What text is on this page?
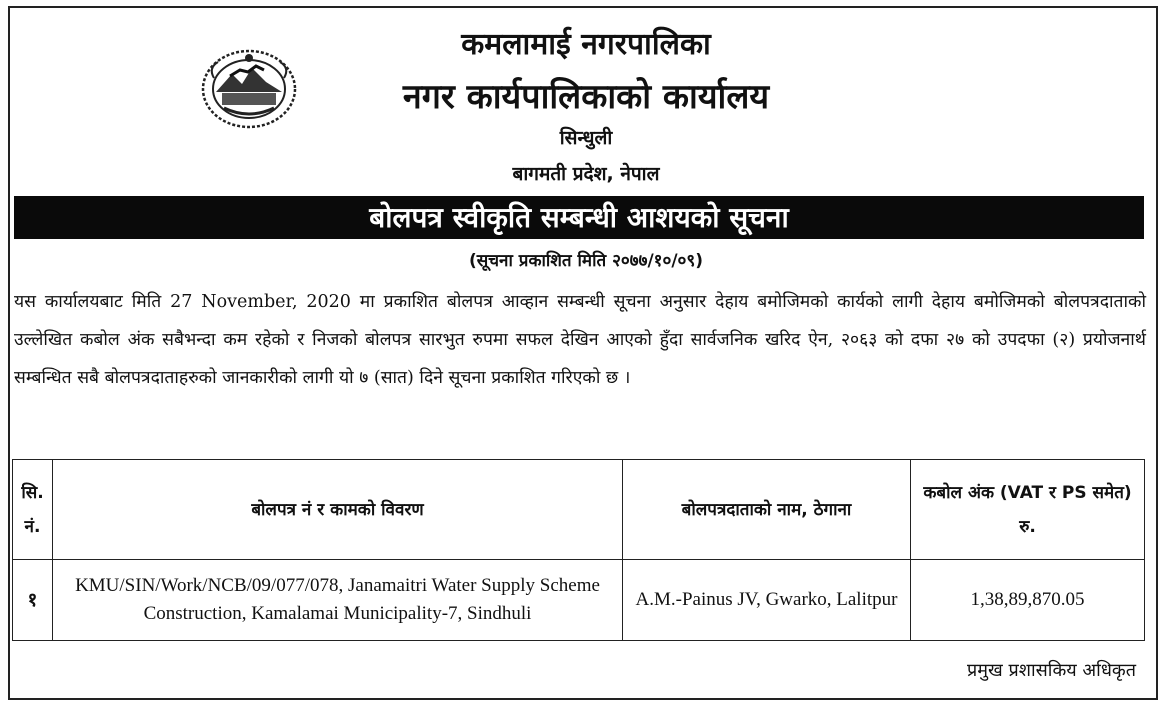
कमलामाई नगरपालिका
नगर कार्यपालिकाको कार्यालय
सिन्धुली
बागमती प्रदेश, नेपाल
बोलपत्र स्वीकृति सम्बन्धी आशयको सूचना
(सूचना प्रकाशित मिति २०७७/१०/०९)
यस कार्यालयबाट मिति 27 November, 2020 मा प्रकाशित बोलपत्र आव्हान सम्बन्धी सूचना अनुसार देहाय बमोजिमको कार्यको लागी देहाय बमोजिमको बोलपत्रदाताको उल्लेखित कबोल अंक सबैभन्दा कम रहेको र निजको बोलपत्र सारभुत रुपमा सफल देखिन आएको हुँदा सार्वजनिक खरिद ऐन, २०६३ को दफा २७ को उपदफा (२) प्रयोजनार्थ सम्बन्धित सबै बोलपत्रदाताहरुको जानकारीको लागी यो ७ (सात) दिने सूचना प्रकाशित गरिएको छ ।
सि. नं.	बोलपत्र नं र कामको विवरण	बोलपत्रदाताको नाम, ठेगाना	कबोल अंक (VAT र PS समेत) रु.
१	KMU/SIN/Work/NCB/09/077/078, Janamaitri Water Supply Scheme Construction, Kamalamai Municipality-7, Sindhuli	A.M.-Painus JV, Gwarko, Lalitpur	1,38,89,870.05
प्रमुख प्रशासकिय अधिकृत
